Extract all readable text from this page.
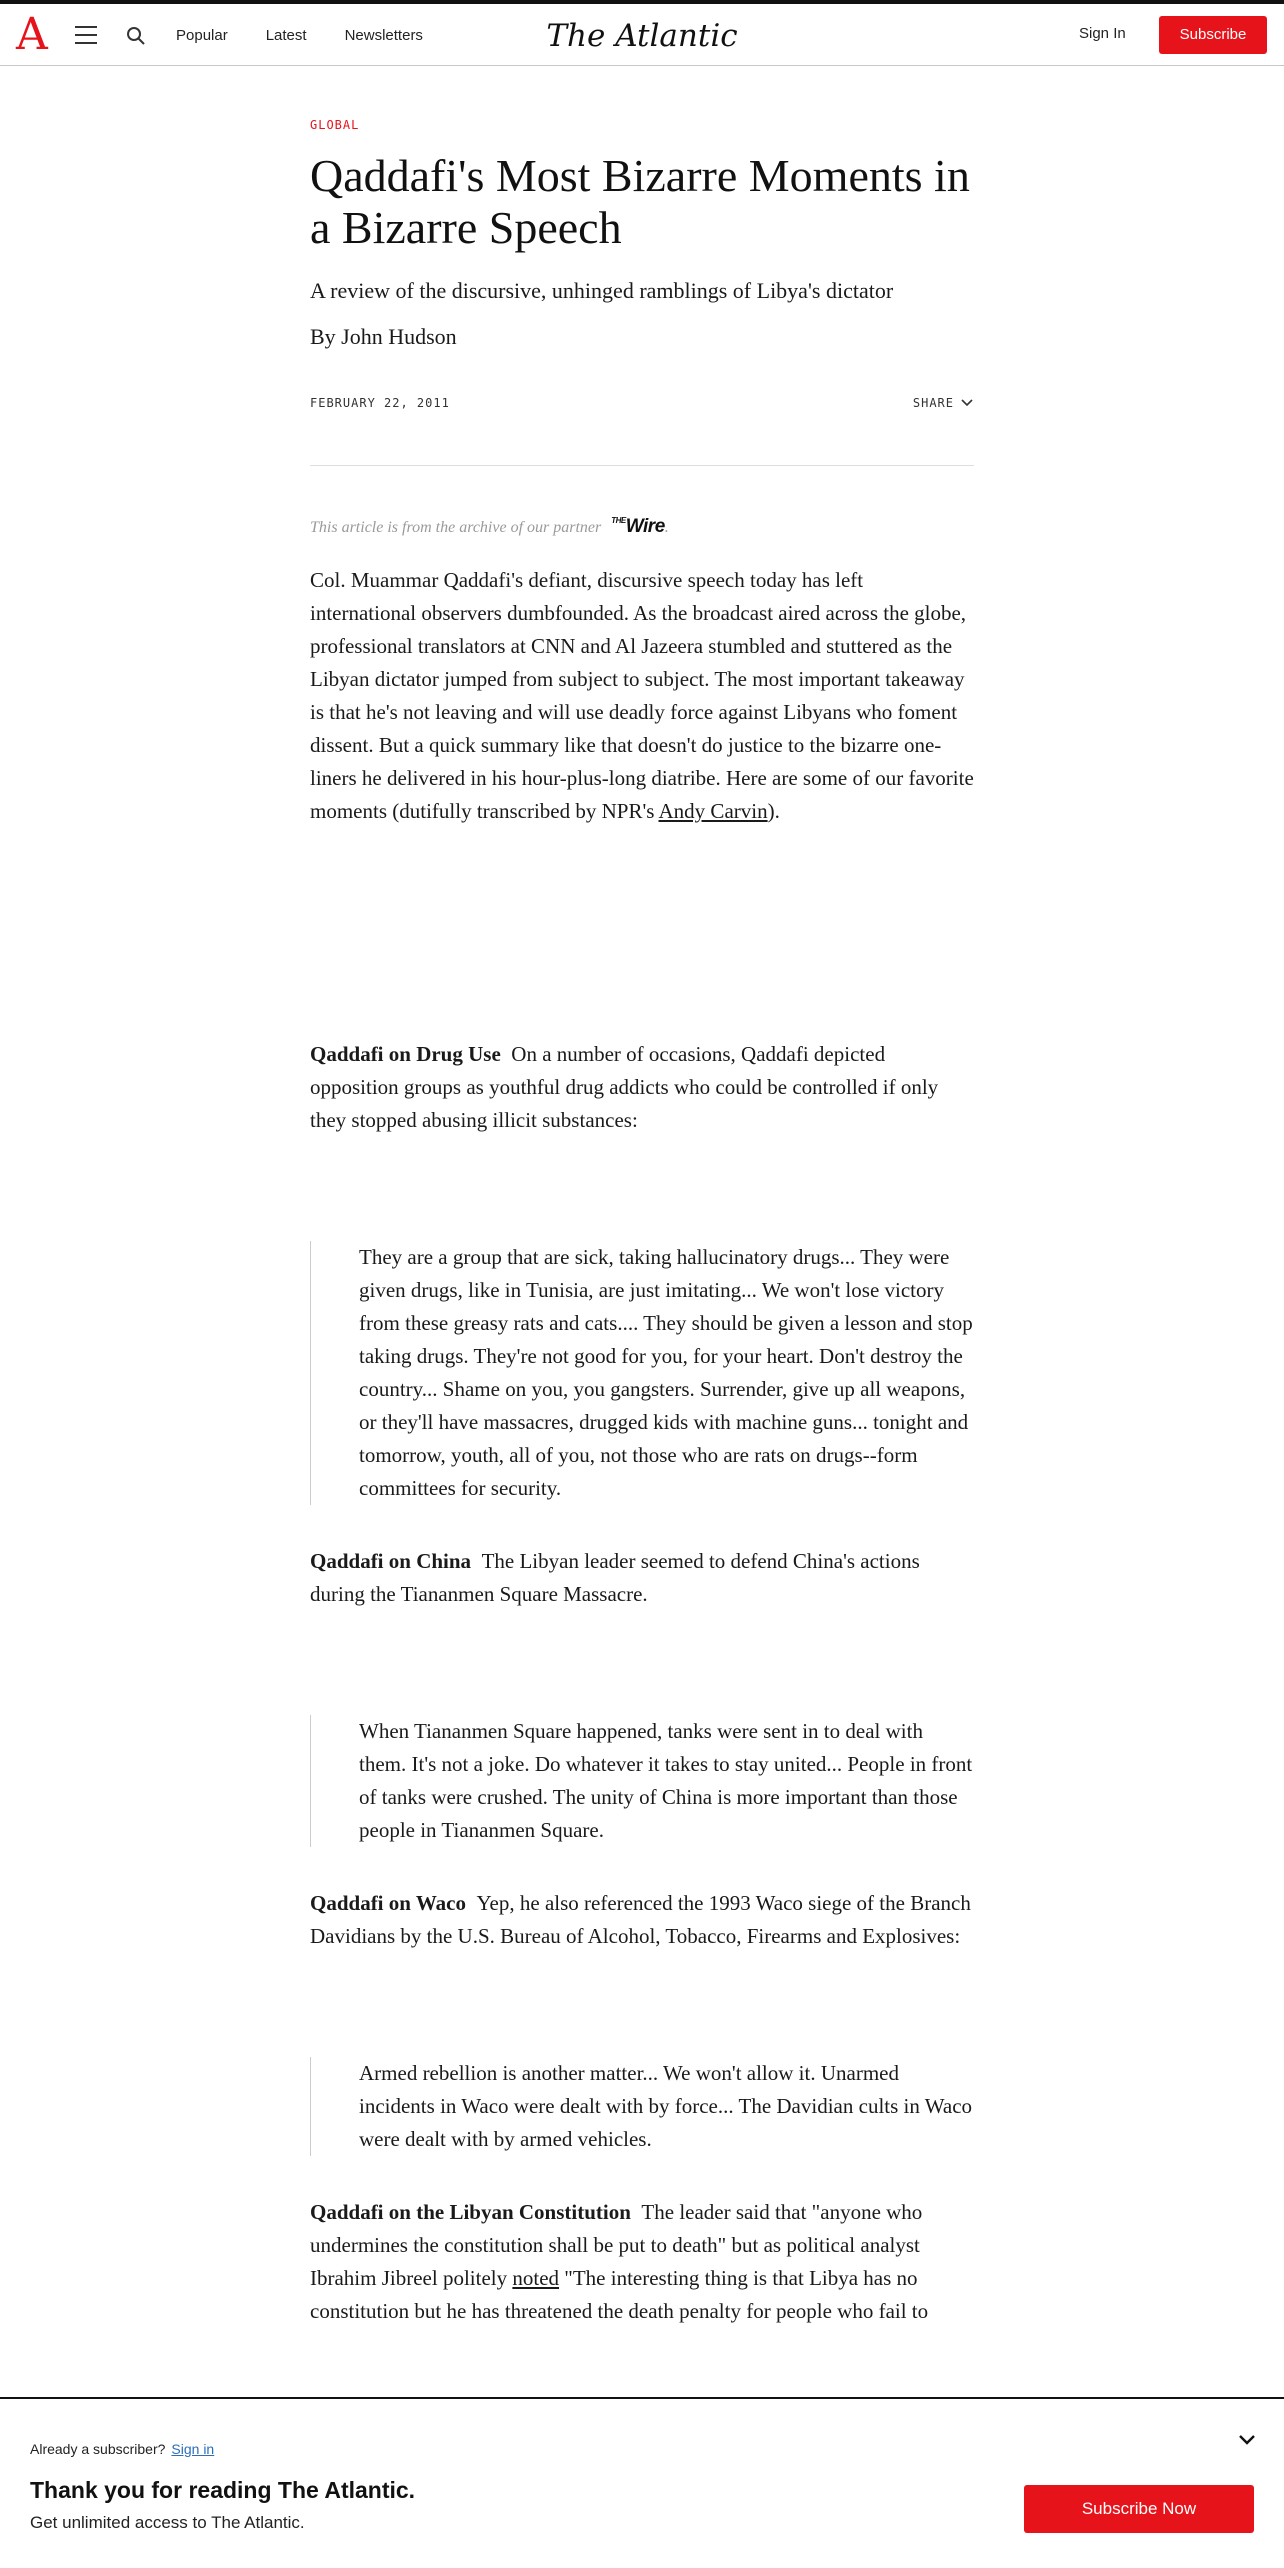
A	Popular	Latest	Newsletters	The Atlantic	Sign In	Subscribe
GLOBAL
Qaddafi's Most Bizarre Moments in a Bizarre Speech
A review of the discursive, unhinged ramblings of Libya's dictator
By John Hudson
FEBRUARY 22, 2011	SHARE
This article is from the archive of our partner $^{THE}$Wire .

Col. Muammar Qaddafi's defiant, discursive speech today has left international observers dumbfounded. As the broadcast aired across the globe, professional translators at CNN and Al Jazeera stumbled and stuttered as the Libyan dictator jumped from subject to subject. The most important takeaway is that he's not leaving and will use deadly force against Libyans who foment dissent. But a quick summary like that doesn't do justice to the bizarre one-liners he delivered in his hour-plus-long diatribe. Here are some of our favorite moments (dutifully transcribed by NPR's Andy Carvin).

Qaddafi on Drug Use On a number of occasions, Qaddafi depicted opposition groups as youthful drug addicts who could be controlled if only they stopped abusing illicit substances:

They are a group that are sick, taking hallucinatory drugs... They were given drugs, like in Tunisia, are just imitating... We won't lose victory from these greasy rats and cats.... They should be given a lesson and stop taking drugs. They're not good for you, for your heart. Don't destroy the country... Shame on you, you gangsters. Surrender, give up all weapons, or they'll have massacres, drugged kids with machine guns... tonight and tomorrow, youth, all of you, not those who are rats on drugs--form committees for security.

Qaddafi on China The Libyan leader seemed to defend China's actions during the Tiananmen Square Massacre.

When Tiananmen Square happened, tanks were sent in to deal with them. It's not a joke. Do whatever it takes to stay united... People in front of tanks were crushed. The unity of China is more important than those people in Tiananmen Square.

Qaddafi on Waco Yep, he also referenced the 1993 Waco siege of the Branch Davidians by the U.S. Bureau of Alcohol, Tobacco, Firearms and Explosives:

Armed rebellion is another matter... We won't allow it. Unarmed incidents in Waco were dealt with by force... The Davidian cults in Waco were dealt with by armed vehicles.

Qaddafi on the Libyan Constitution The leader said that "anyone who undermines the constitution shall be put to death" but as political analyst Ibrahim Jibreel politely noted "The interesting thing is that Libya has no constitution but he has threatened the death penalty for people who fail to

Already a subscriber? Sign in
Thank you for reading The Atlantic.
Get unlimited access to The Atlantic.
Subscribe Now
